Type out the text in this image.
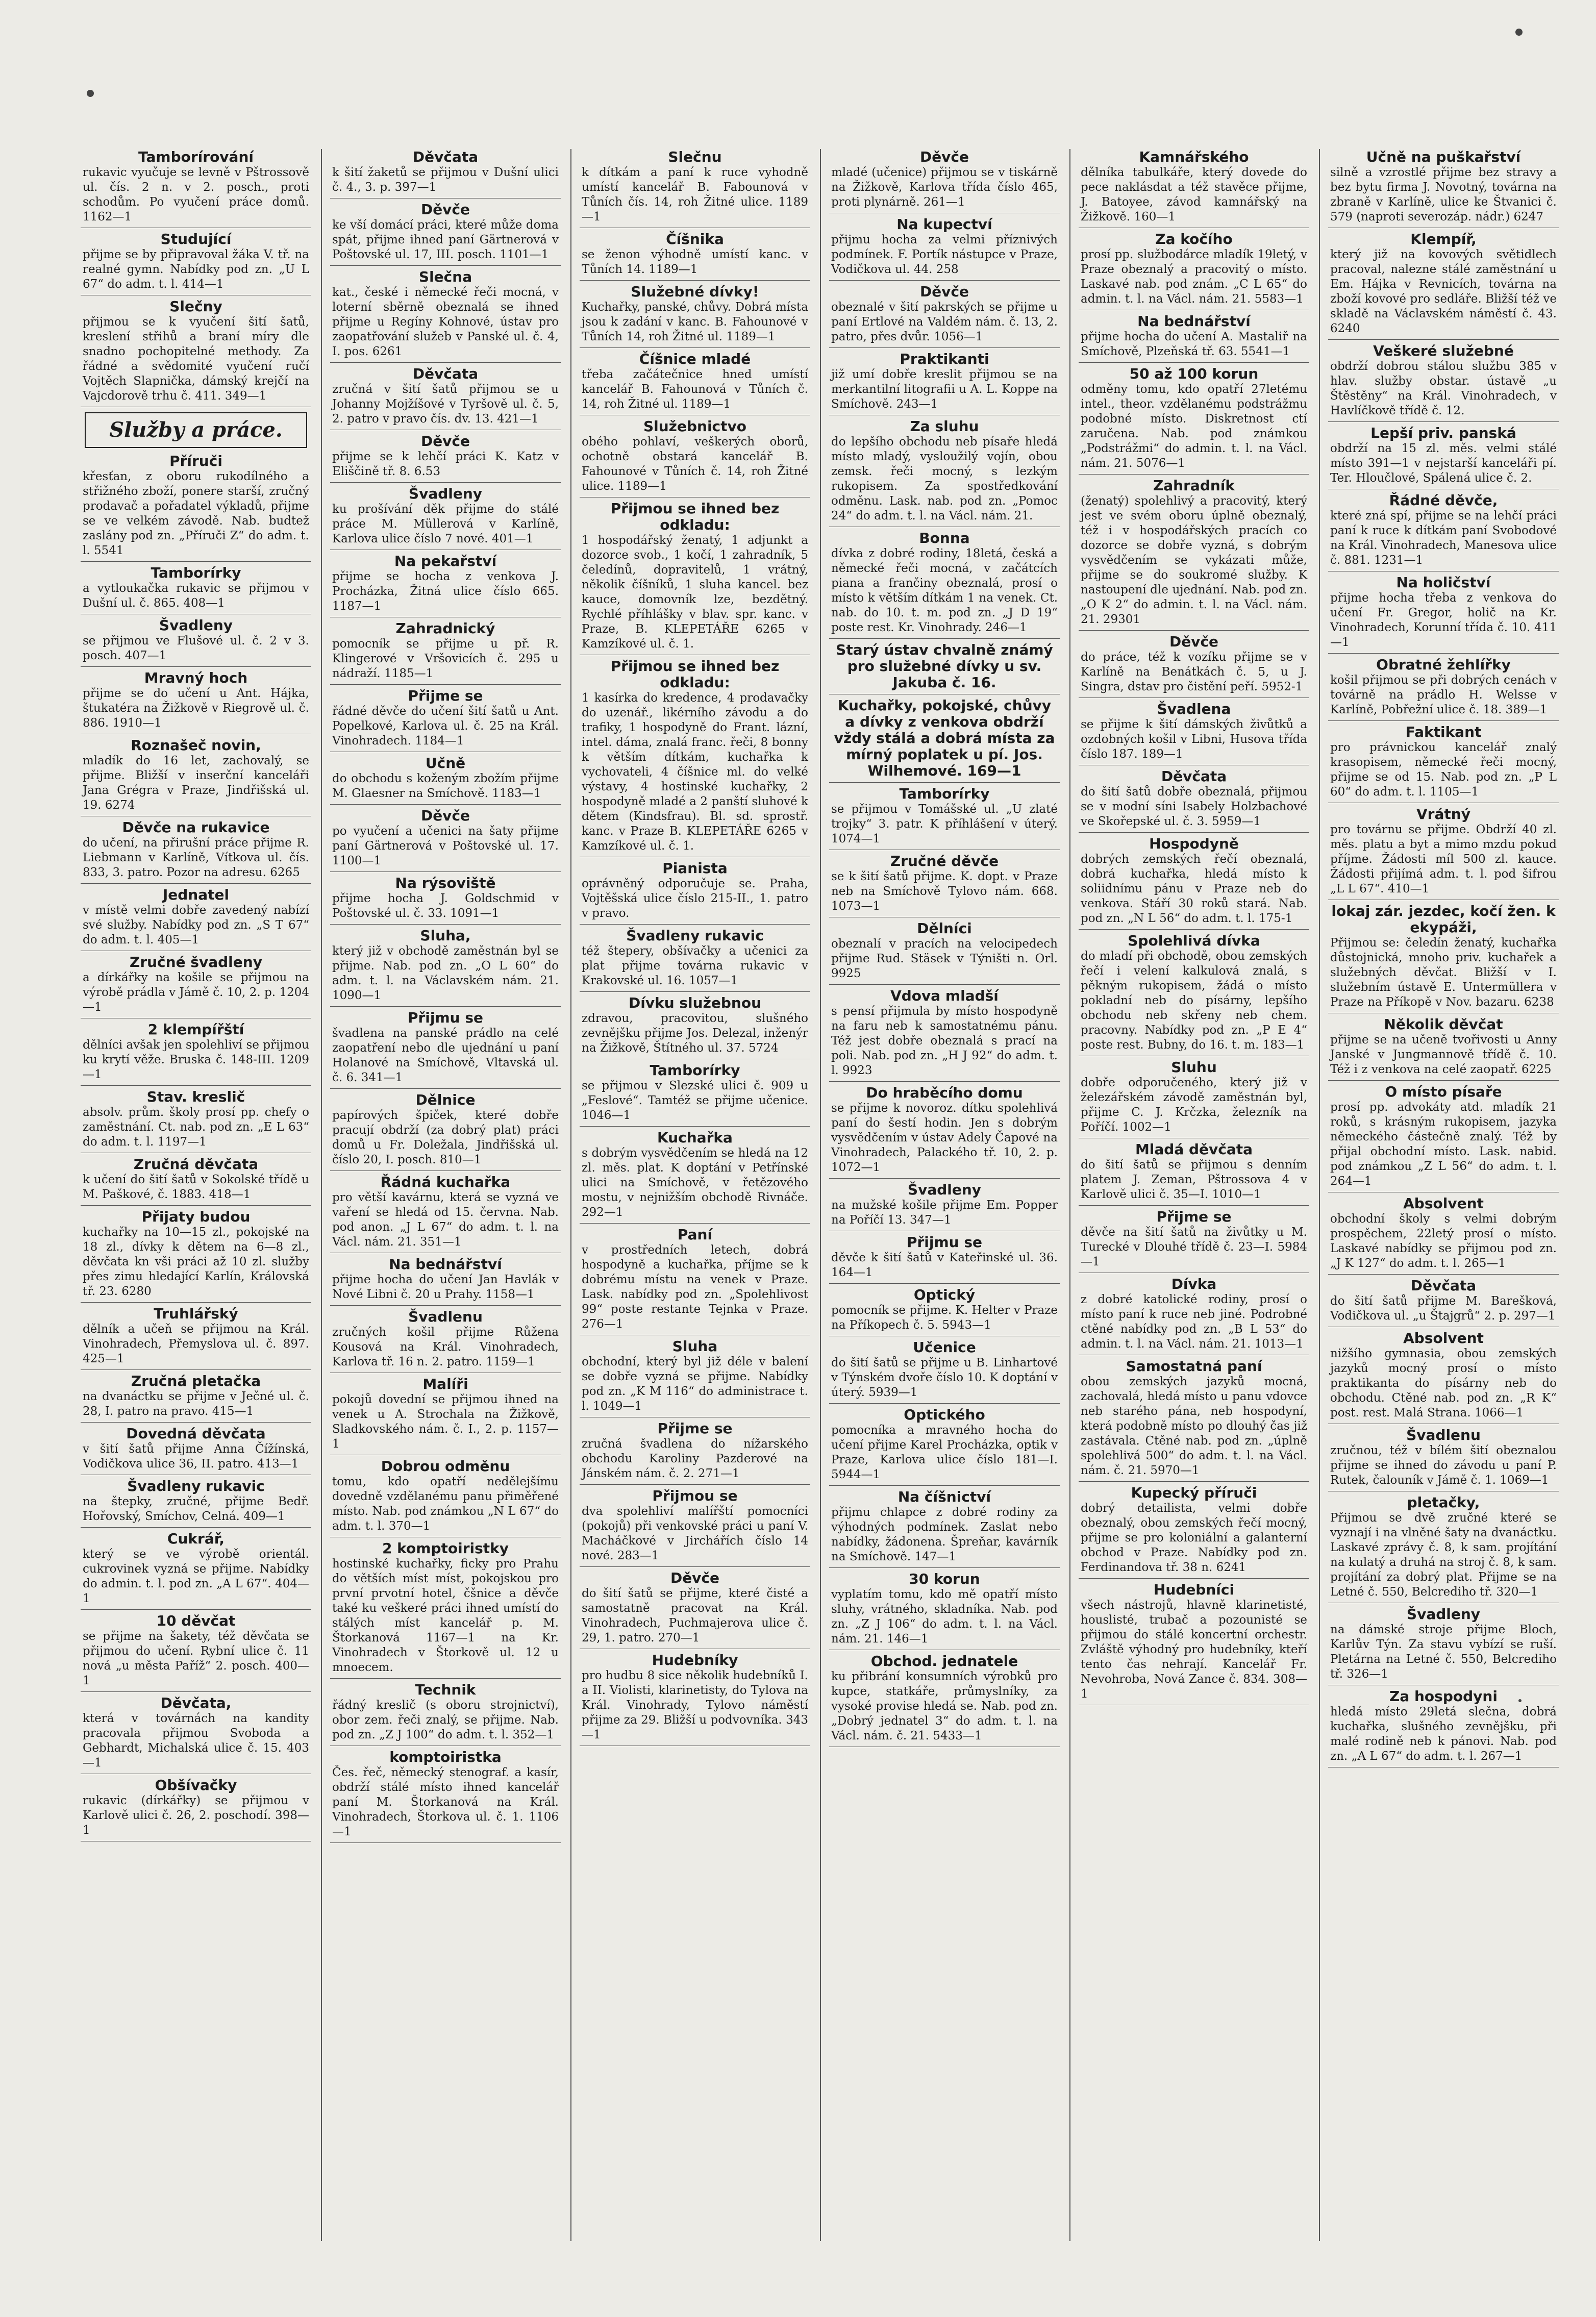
Tamborírování

rukavic vyučuje se levně v Pštrossově ul. čís. 2 n. v 2. posch., proti schodům. Po vyučení práce domů. 1162—1

Studující

přijme se by připravoval žáka V. tř. na realné gymn. Nabídky pod zn. „U L 67“ do adm. t. l. 414—1

Slečny

přijmou se k vyučení šití šatů, kreslení střihů a braní míry dle snadno pochopitelné methody. Za řádné a svědomité vyučení ručí Vojtěch Slapnička, dámský krejčí na Vajcdorově trhu č. 411. 349—1

Služby a práce.
Příruči

křesťan, z oboru rukodílného a střižného zboží, ponere starší, zručný prodavač a pořadatel výkladů, přijme se ve velkém závodě. Nab. budtež zaslány pod zn. „Příruči Z“ do adm. t. l. 5541

Tamborírky

a vytloukačka rukavic se přijmou v Dušní ul. č. 865. 408—1

Švadleny

se přijmou ve Flušové ul. č. 2 v 3. posch. 407—1

Mravný hoch

přijme se do učení u Ant. Hájka, štukatéra na Žižkově v Riegrově ul. č. 886. 1910—1

Roznašeč novin,

mladík do 16 let, zachovalý, se přijme. Bližší v inserční kanceláři Jana Grégra v Praze, Jindřišská ul. 19. 6274

Děvče na rukavice

do učení, na přirušní práce přijme R. Liebmann v Karlíně, Vítkova ul. čís. 833, 3. patro. Pozor na adresu. 6265

Jednatel

v místě velmi dobře zavedený nabízí své služby. Nabídky pod zn. „S T 67“ do adm. t. l. 405—1

Zručné švadleny

a dírkářky na košile se přijmou na výrobě prádla v Jámě č. 10, 2. p. 1204—1

2 klempířští

dělníci avšak jen spolehliví se přijmou ku krytí věže. Bruska č. 148-III. 1209—1

Stav. kreslič

absolv. prům. školy prosí pp. chefy o zaměstnání. Ct. nab. pod zn. „E L 63“ do adm. t. l. 1197—1

Zručná děvčata

k učení do šití šatů v Sokolské třídě u M. Paškové, č. 1883. 418—1

Přijaty budou

kuchařky na 10—15 zl., pokojské na 18 zl., dívky k dětem na 6—8 zl., děvčata kn vši práci až 10 zl. služby přes zimu hledající Karlín, Královská tř. 23. 6280

Truhlářský

dělník a učeň se přijmou na Král. Vinohradech, Přemyslova ul. č. 897. 425—1

Zručná pletačka

na dvanáctku se přijme v Ječné ul. č. 28, I. patro na pravo. 415—1

Dovedná děvčata

v šití šatů přijme Anna Čížínská, Vodičkova ulice 36, II. patro. 413—1

Švadleny rukavic

na štepky, zručné, přijme Bedř. Hořovský, Smíchov, Celná. 409—1

Cukrář,

který se ve výrobě orientál. cukrovinek vyzná se přijme. Nabídky do admin. t. l. pod zn. „A L 67“. 404—1

10 děvčat

se přijme na šakety, též děvčata se přijmou do učení. Rybní ulice č. 11 nová „u města Paříž“ 2. posch. 400—1

Děvčata,

která v továrnách na kandity pracovala přijmou Svoboda a Gebhardt, Michalská ulice č. 15. 403—1

Obšívačky

rukavic (dírkářky) se přijmou v Karlově ulici č. 26, 2. poschodí. 398—1

Děvčata

k šití žaketů se přijmou v Dušní ulici č. 4., 3. p. 397—1

Děvče

ke vší domácí práci, které může doma spát, přijme ihned paní Gärtnerová v Poštovské ul. 17, III. posch. 1101—1

Slečna

kat., české i německé řeči mocná, v loterní sběrně obeznalá se ihned přijme u Regíny Kohnové, ústav pro zaopatřování služeb v Panské ul. č. 4, I. pos. 6261

Děvčata

zručná v šití šatů přijmou se u Johanny Mojžíšové v Tyršově ul. č. 5, 2. patro v pravo čís. dv. 13. 421—1

Děvče

přijme se k lehčí práci K. Katz v Eliščině tř. 8. 6.53

Švadleny

ku prošívání děk přijme do stálé práce M. Müllerová v Karlíně, Karlova ulice číslo 7 nové. 401—1

Na pekařství

přijme se hocha z venkova J. Procházka, Žitná ulice číslo 665. 1187—1

Zahradnický

pomocník se přijme u př. R. Klingerové v Vršovicích č. 295 u nádraží. 1185—1

Přijme se

řádné děvče do učení šití šatů u Ant. Popelkové, Karlova ul. č. 25 na Král. Vinohradech. 1184—1

Učně

do obchodu s koženým zbožím přijme M. Glaesner na Smíchově. 1183—1

Děvče

po vyučení a učenici na šaty přijme paní Gärtnerová v Poštovské ul. 17. 1100—1

Na rýsoviště

přijme hocha J. Goldschmid v Poštovské ul. č. 33. 1091—1

Sluha,

který již v obchodě zaměstnán byl se přijme. Nab. pod zn. „O L 60“ do adm. t. l. na Václavském nám. 21. 1090—1

Přijmu se

švadlena na panské prádlo na celé zaopatření nebo dle ujednání u paní Holanové na Smíchově, Vltavská ul. č. 6. 341—1

Dělnice

papírových špiček, které dobře pracují obdrží (za dobrý plat) práci domů u Fr. Doležala, Jindřišská ul. číslo 20, I. posch. 810—1

Řádná kuchařka

pro větší kavárnu, která se vyzná ve vaření se hledá od 15. června. Nab. pod anon. „J L 67“ do adm. t. l. na Václ. nám. 21. 351—1

Na bednářství

přijme hocha do učení Jan Havlák v Nové Libni č. 20 u Prahy. 1158—1

Švadlenu

zručných košil přijme Růžena Kousová na Král. Vinohradech, Karlova tř. 16 n. 2. patro. 1159—1

Malíři

pokojů dovední se přijmou ihned na venek u A. Strochala na Žižkově, Sladkovského nám. č. I., 2. p. 1157—1

Dobrou odměnu

tomu, kdo opatří nedělejšímu dovedně vzdělanému panu přiměřené místo. Nab. pod známkou „N L 67“ do adm. t. l. 370—1

2 komptoiristky

hostinské kuchařky, ficky pro Prahu do větších míst míst, pokojskou pro první prvotní hotel, čšnice a děvče také ku veškeré práci ihned umístí do stálých míst kancelář p. M. Štorkanová 1167—1 na Kr. Vinohradech v Štorkově ul. 12 u mnoecem.

Technik

řádný kreslič (s oboru strojnictví), obor zem. řeči znalý, se přijme. Nab. pod zn. „Z J 100“ do adm. t. l. 352—1

komptoiristka

Čes. řeč, německý stenograf. a kasír, obdrží stálé místo ihned kancelář paní M. Štorkanová na Král. Vinohradech, Štorkova ul. č. 1. 1106—1

Slečnu

k dítkám a paní k ruce vyhodně umístí kancelář B. Fabounová v Tůních čís. 14, roh Žitné ulice. 1189—1

Číšnika

se ženon výhodně umístí kanc. v Tůních 14. 1189—1

Služebné dívky!

Kuchařky, panské, chůvy. Dobrá místa jsou k zadání v kanc. B. Fahounové v Tůních 14, roh Žitné ul. 1189—1

Číšnice mladé

třeba začátečnice hned umístí kancelář B. Fahounová v Tůních č. 14, roh Žitné ul. 1189—1

Služebnictvo

obého pohlaví, veškerých oborů, ochotně obstará kancelář B. Fahounové v Tůních č. 14, roh Žitné ulice. 1189—1

Přijmou se ihned bez odkladu:

1 hospodářský ženatý, 1 adjunkt a dozorce svob., 1 kočí, 1 zahradník, 5 čeledínů, dopravitelů, 1 vrátný, několik číšníků, 1 sluha kancel. bez kauce, domovník lze, bezdětný. Rychlé příhlášky v blav. spr. kanc. v Praze, B. KLEPETÁŘE 6265 v Kamzíkové ul. č. 1.

Přijmou se ihned bez odkladu:

1 kasírka do kredence, 4 prodavačky do uzenář., likérního závodu a do trafiky, 1 hospodyně do Frant. lázní, intel. dáma, znalá franc. řeči, 8 bonny k větším dítkám, kuchařka k vychovateli, 4 číšnice ml. do velké výstavy, 4 hostinské kuchařky, 2 hospodyně mladé a 2 panští sluhové k dětem (Kindsfrau). Bl. sd. sprostř. kanc. v Praze B. KLEPETÁŘE 6265 v Kamzíkové ul. č. 1.

Pianista

oprávněný odporučuje se. Praha, Vojtěšská ulice číslo 215-II., 1. patro v pravo.

Švadleny rukavic

též štepery, obšívačky a učenici za plat přijme továrna rukavic v Krakovské ul. 16. 1057—1

Dívku služebnou

zdravou, pracovitou, slušného zevnějšku přijme Jos. Delezal, inženýr na Žižkově, Štítného ul. 37. 5724

Tamborírky

se přijmou v Slezské ulici č. 909 u „Feslové“. Tamtéž se přijme učenice. 1046—1

Kuchařka

s dobrým vysvědčením se hledá na 12 zl. měs. plat. K doptání v Petřínské ulici na Smíchově, v řetězového mostu, v nejnižším obchodě Rivnáče. 292—1

Paní

v prostředních letech, dobrá hospodyně a kuchařka, příjme se k dobrému místu na venek v Praze. Lask. nabídky pod zn. „Spolehlivost 99“ poste restante Tejnka v Praze. 276—1

Sluha

obchodní, který byl již déle v balení se dobře vyzná se přijme. Nabídky pod zn. „K M 116“ do administrace t. l. 1049—1

Přijme se

zručná švadlena do nížarského obchodu Karoliny Pazderové na Jánském nám. č. 2. 271—1

Přijmou se

dva spolehliví malířští pomocníci (pokojů) při venkovské práci u paní V. Macháčkové v Jirchářích číslo 14 nové. 283—1

Děvče

do šití šatů se přijme, které čisté a samostatně pracovat na Král. Vinohradech, Puchmajerova ulice č. 29, 1. patro. 270—1

Hudebníky

pro hudbu 8 sice několik hudebníků I. a II. Violisti, klarinetisty, do Tylova na Král. Vinohrady, Tylovo náměstí přijme za 29. Bližší u podvovníka. 343—1

Děvče

mladé (učenice) přijmou se v tiskárně na Žižkově, Karlova třída číslo 465, proti plynárně. 261—1

Na kupectví

přijmu hocha za velmi příznivých podmínek. F. Portík nástupce v Praze, Vodičkova ul. 44. 258

Děvče

obeznalé v šití pakrských se přijme u paní Ertlové na Valdém nám. č. 13, 2. patro, přes dvůr. 1056—1

Praktikanti

již umí dobře kreslit přijmou se na merkantilní litografii u A. L. Koppe na Smíchově. 243—1

Za sluhu

do lepšího obchodu neb písaře hledá místo mladý, vysloužilý vojín, obou zemsk. řeči mocný, s lezkým rukopisem. Za spostředkování odměnu. Lask. nab. pod zn. „Pomoc 24“ do adm. t. l. na Václ. nám. 21.

Bonna

dívka z dobré rodiny, 18letá, česká a německé řeči mocná, v začátcích piana a frančiny obeznalá, prosí o místo k větším dítkám 1 na venek. Ct. nab. do 10. t. m. pod zn. „J D 19“ poste rest. Kr. Vinohrady. 246—1

Starý ústav chvalně známý pro služebné dívky u sv. Jakuba č. 16.

Kuchařky, pokojské, chůvy a dívky z venkova obdrží vždy stálá a dobrá místa za mírný poplatek u pí. Jos. Wilhemové. 169—1

Tamborírky

se přijmou v Tomášské ul. „U zlaté trojky“ 3. patr. K příhlášení v úterý. 1074—1

Zručné děvče

se k šití šatů přijme. K. dopt. v Praze neb na Smíchově Tylovo nám. 668. 1073—1

Dělníci

obeznalí v pracích na velocipedech přijme Rud. Stäsek v Týništi n. Orl. 9925

Vdova mladší

s pensí přijmula by místo hospodyně na faru neb k samostatnému pánu. Též jest dobře obeznalá s prací na poli. Nab. pod zn. „H J 92“ do adm. t. l. 9923

Do hraběcího domu

se přijme k novoroz. dítku spolehlivá paní do šestí hodin. Jen s dobrým vysvědčením v ústav Adely Čapové na Vinohradech, Palackého tř. 10, 2. p. 1072—1

Švadleny

na mužské košile přijme Em. Popper na Poříčí 13. 347—1

Přijmu se

děvče k šití šatů v Kateřinské ul. 36. 164—1

Optický

pomocník se přijme. K. Helter v Praze na Příkopech č. 5. 5943—1

Učenice

do šití šatů se přijme u B. Linhartové v Týnském dvoře číslo 10. K doptání v úterý. 5939—1

Optického

pomocníka a mravného hocha do učení přijme Karel Procházka, optik v Praze, Karlova ulice číslo 181—I. 5944—1

Na číšnictví

přijmu chlapce z dobré rodiny za výhodných podmínek. Zaslat nebo nabídky, žádonena. Špreňar, kavárník na Smíchově. 147—1

30 korun

vyplatím tomu, kdo mě opatří místo sluhy, vrátného, skladníka. Nab. pod zn. „Z J 106“ do adm. t. l. na Václ. nám. 21. 146—1

Obchod. jednatele

ku přibrání konsumních výrobků pro kupce, statkáře, průmyslníky, za vysoké provise hledá se. Nab. pod zn. „Dobrý jednatel 3“ do adm. t. l. na Václ. nám. č. 21. 5433—1

Kamnářského

dělníka tabulkáře, který dovede do pece naklásdat a též stavěce přijme, J. Batoyee, závod kamnářský na Žižkově. 160—1

Za kočího

prosí pp. službodárce mladík 19letý, v Praze obeznalý a pracovitý o místo. Laskavé nab. pod znám. „C L 65“ do admin. t. l. na Václ. nám. 21. 5583—1

Na bednářství

přijme hocha do učení A. Mastaliř na Smíchově, Plzeňská tř. 63. 5541—1

50 až 100 korun

odměny tomu, kdo opatří 27letému intel., theor. vzdělanému podstrážmu podobné místo. Diskretnost ctí zaručena. Nab. pod známkou „Podstrážmi“ do admin. t. l. na Václ. nám. 21. 5076—1

Zahradník

(ženatý) spolehlivý a pracovitý, který jest ve svém oboru úplně obeznalý, též i v hospodářských pracích co dozorce se dobře vyzná, s dobrým vysvědčením se vykázati může, přijme se do soukromé služby. K nastoupení dle ujednání. Nab. pod zn. „O K 2“ do admin. t. l. na Václ. nám. 21. 29301

Děvče

do práce, též k vozíku přijme se v Karlíně na Benátkách č. 5, u J. Singra, dstav pro čistění peří. 5952-1

Švadlena

se přijme k šití dámských živůtků a ozdobných košil v Libni, Husova třída číslo 187. 189—1

Děvčata

do šití šatů dobře obeznalá, přijmou se v modní síni Isabely Holzbachové ve Skořepské ul. č. 3. 5959—1

Hospodyně

dobrých zemských řečí obeznalá, dobrá kuchařka, hledá místo k soliidnímu pánu v Praze neb do venkova. Stáří 30 roků stará. Nab. pod zn. „N L 56“ do adm. t. l. 175-1

Spolehlivá dívka

do mladí při obchodě, obou zemských řečí i velení kalkulová znalá, s pěkným rukopisem, žádá o místo pokladní neb do písárny, lepšího obchodu neb skřeny neb chem. pracovny. Nabídky pod zn. „P E 4“ poste rest. Bubny, do 16. t. m. 183—1

Sluhu

dobře odporučeného, který již v železářském závodě zaměstnán byl, přijme C. J. Krčzka, železník na Poříčí. 1002—1

Mladá děvčata

do šití šatů se přijmou s denním platem J. Zeman, Pštrossova 4 v Karlově ulici č. 35—I. 1010—1

Přijme se

děvče na šití šatů na živůtky u M. Turecké v Dlouhé třídě č. 23—I. 5984—1

Dívka

z dobré katolické rodiny, prosí o místo paní k ruce neb jiné. Podrobné ctěné nabídky pod zn. „B L 53“ do admin. t. l. na Václ. nám. 21. 1013—1

Samostatná paní

obou zemských jazyků mocná, zachovalá, hledá místo u panu vdovce neb starého pána, neb hospodyní, která podobně místo po dlouhý čas již zastávala. Ctěné nab. pod zn. „úplně spolehlivá 500“ do adm. t. l. na Václ. nám. č. 21. 5970—1

Kupecký příruči

dobrý detailista, velmi dobře obeznalý, obou zemských řečí mocný, přijme se pro koloniální a galanterní obchod v Praze. Nabídky pod zn. Ferdinandova tř. 38 n. 6241

Hudebníci

všech nástrojů, hlavně klarinetisté, houslisté, trubač a pozounisté se přijmou do stálé koncertní orchestr. Zvláště výhodný pro hudebníky, kteří tento čas nehrají. Kancelář Fr. Nevohroba, Nová Zance č. 834. 308—1

Učně na puškařství

silně a vzrostlé přijme bez stravy a bez bytu firma J. Novotný, továrna na zbraně v Karlíně, ulice ke Štvanici č. 579 (naproti severozáp. nádr.) 6247

Klempíř,

který již na kovových světidlech pracoval, nalezne stálé zaměstnání u Em. Hájka v Revnicích, továrna na zboží kovové pro sedláře. Bližší též ve skladě na Václavském náměstí č. 43. 6240

Veškeré služebné

obdrží dobrou stálou službu 385 v hlav. služby obstar. ústavě „u Štěstěny“ na Král. Vinohradech, v Havlíčkově třídě č. 12.

Lepší priv. panská

obdrží na 15 zl. měs. velmi stálé místo 391—1 v nejstarší kanceláři pí. Ter. Hloučlové, Spálená ulice č. 2.

Řádné děvče,

které zná spí, přijme se na lehčí práci paní k ruce k dítkám paní Svobodové na Král. Vinohradech, Manesova ulice č. 881. 1231—1

Na holičství

přijme hocha třeba z venkova do učení Fr. Gregor, holič na Kr. Vinohradech, Korunní třída č. 10. 411—1

Obratné žehlířky

košil přijmou se při dobrých cenách v továrně na prádlo H. Welsse v Karlíně, Pobřežní ulice č. 18. 389—1

Faktikant

pro právnickou kancelář znalý krasopisem, německé řeči mocný, přijme se od 15. Nab. pod zn. „P L 60“ do adm. t. l. 1105—1

Vrátný

pro továrnu se přijme. Obdrží 40 zl. měs. platu a byt a mimo mzdu pokud příjme. Žádosti míl 500 zl. kauce. Žádosti přijímá adm. t. l. pod šifrou „L L 67“. 410—1

lokaj zár. jezdec, kočí žen. k ekypáži,

Přijmou se: čeledín ženatý, kuchařka důstojnická, mnoho priv. kuchařek a služebných děvčat. Bližší v I. služebním ústavě E. Untermüllera v Praze na Příkopě v Nov. bazaru. 6238

Několik děvčat

přijme se na učeně tvořivosti u Anny Janské v Jungmannově třídě č. 10. Též i z venkova na celé zaopatř. 6225

O místo písaře

prosí pp. advokáty atd. mladík 21 roků, s krásným rukopisem, jazyka německého částečně znalý. Též by přijal obchodní místo. Lask. nabid. pod známkou „Z L 56“ do adm. t. l. 264—1

Absolvent

obchodní školy s velmi dobrým prospěchem, 22letý prosí o místo. Laskavé nabídky se přijmou pod zn. „J K 127“ do adm. t. l. 265—1

Děvčata

do šití šatů přijme M. Barešková, Vodičkova ul. „u Štajgrů“ 2. p. 297—1

Absolvent

nižšího gymnasia, obou zemských jazyků mocný prosí o místo praktikanta do písárny neb do obchodu. Ctěné nab. pod zn. „R K“ post. rest. Malá Strana. 1066—1

Švadlenu

zručnou, též v bílém šití obeznalou přijme se ihned do závodu u paní P. Rutek, čalouník v Jámě č. 1. 1069—1

pletačky,

Přijmou se dvě zručné které se vyznají i na vlněné šaty na dvanáctku. Laskavé zprávy č. 8, k sam. projítání na kulatý a druhá na stroj č. 8, k sam. projítání za dobrý plat. Přijme se na Letné č. 550, Belcrediho tř. 320—1

Švadleny

na dámské stroje přijme Bloch, Karlův Týn. Za stavu vybízí se ruší. Pletárna na Letné č. 550, Belcrediho tř. 326—1

Za hospodyni

hledá místo 29letá slečna, dobrá kuchařka, slušného zevnějšku, při malé rodině neb k pánovi. Nab. pod zn. „A L 67“ do adm. t. l. 267—1
